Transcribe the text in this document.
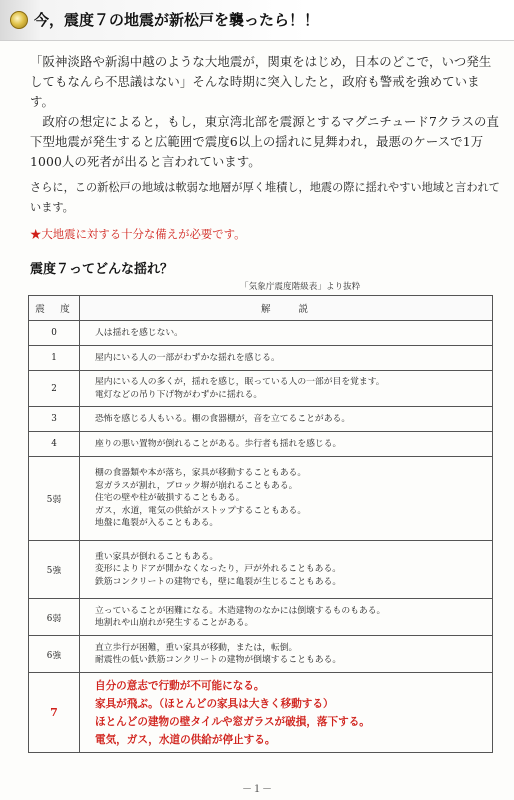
今，震度７の地震が新松戸を襲ったら！！

「阪神淡路や新潟中越のような大地震が，関東をはじめ，日本のどこで，いつ発生してもなんら不思議はない」そんな時期に突入したと，政府も警戒を強めています。

政府の想定によると，もし，東京湾北部を震源とするマグニチュード7クラスの直下型地震が発生すると広範囲で震度6以上の揺れに見舞われ，最悪のケースで1万1000人の死者が出ると言われています。

さらに，この新松戸の地域は軟弱な地層が厚く堆積し，地震の際に揺れやすい地域と言われています。

★大地震に対する十分な備えが必要です。
震度７ってどんな揺れ？
「気象庁震度階級表」より抜粋
震　度	解　　説
0	人は揺れを感じない。

1	屋内にいる人の一部がわずかな揺れを感じる。

2	屋内にいる人の多くが，揺れを感じ，眠っている人の一部が目を覚ます。
電灯などの吊り下げ物がわずかに揺れる。

3	恐怖を感じる人もいる。棚の食器棚が，音を立てることがある。

4	座りの悪い置物が倒れることがある。歩行者も揺れを感じる。

5弱	棚の食器類や本が落ち，家具が移動することもある。
窓ガラスが割れ，ブロック塀が崩れることもある。
住宅の壁や柱が破損することもある。
ガス，水道，電気の供給がストップすることもある。
地盤に亀裂が入ることもある。

5強	重い家具が倒れることもある。
変形によりドアが開かなくなったり，戸が外れることもある。
鉄筋コンクリートの建物でも，壁に亀裂が生じることもある。

6弱	立っていることが困難になる。木造建物のなかには倒壊するものもある。
地割れや山崩れが発生することがある。

6強	直立歩行が困難，重い家具が移動，または，転倒。
耐震性の低い鉄筋コンクリートの建物が倒壊することもある。

7	自分の意志で行動が不可能になる。
家具が飛ぶ。（ほとんどの家具は大きく移動する）
ほとんどの建物の壁タイルや窓ガラスが破損，落下する。
電気，ガス，水道の供給が停止する。
－１－
